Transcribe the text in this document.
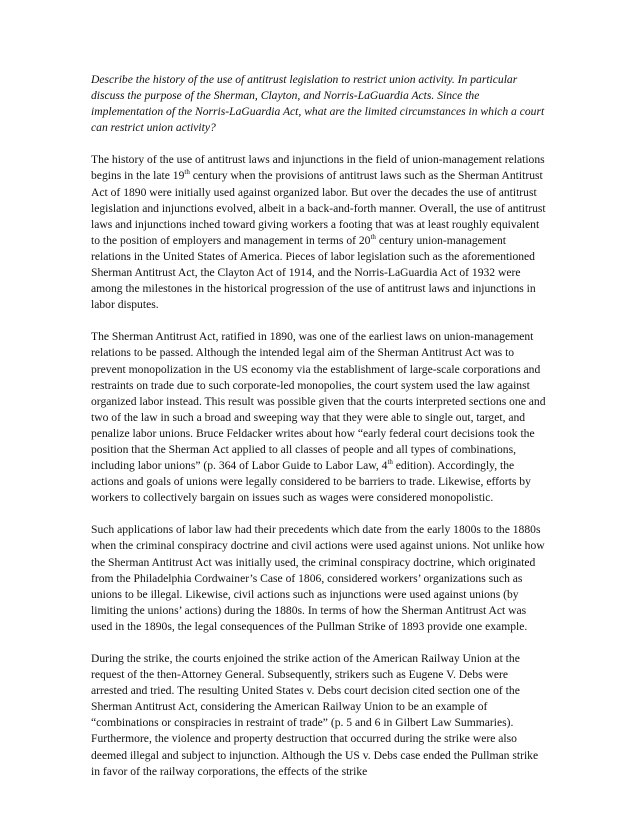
Describe the history of the use of antitrust legislation to restrict union activity. In particular discuss the purpose of the Sherman, Clayton, and Norris-LaGuardia Acts. Since the implementation of the Norris-LaGuardia Act, what are the limited circumstances in which a court can restrict union activity?

The history of the use of antitrust laws and injunctions in the field of union-management relations begins in the late 19th century when the provisions of antitrust laws such as the Sherman Antitrust Act of 1890 were initially used against organized labor. But over the decades the use of antitrust legislation and injunctions evolved, albeit in a back-and-forth manner. Overall, the use of antitrust laws and injunctions inched toward giving workers a footing that was at least roughly equivalent to the position of employers and management in terms of 20th century union-management relations in the United States of America. Pieces of labor legislation such as the aforementioned Sherman Antitrust Act, the Clayton Act of 1914, and the Norris-LaGuardia Act of 1932 were among the milestones in the historical progression of the use of antitrust laws and injunctions in labor disputes.

The Sherman Antitrust Act, ratified in 1890, was one of the earliest laws on union-management relations to be passed. Although the intended legal aim of the Sherman Antitrust Act was to prevent monopolization in the US economy via the establishment of large-scale corporations and restraints on trade due to such corporate-led monopolies, the court system used the law against organized labor instead. This result was possible given that the courts interpreted sections one and two of the law in such a broad and sweeping way that they were able to single out, target, and penalize labor unions. Bruce Feldacker writes about how “early federal court decisions took the position that the Sherman Act applied to all classes of people and all types of combinations, including labor unions” (p. 364 of Labor Guide to Labor Law, 4th edition). Accordingly, the actions and goals of unions were legally considered to be barriers to trade. Likewise, efforts by workers to collectively bargain on issues such as wages were considered monopolistic.

Such applications of labor law had their precedents which date from the early 1800s to the 1880s when the criminal conspiracy doctrine and civil actions were used against unions. Not unlike how the Sherman Antitrust Act was initially used, the criminal conspiracy doctrine, which originated from the Philadelphia Cordwainer’s Case of 1806, considered workers’ organizations such as unions to be illegal. Likewise, civil actions such as injunctions were used against unions (by limiting the unions’ actions) during the 1880s. In terms of how the Sherman Antitrust Act was used in the 1890s, the legal consequences of the Pullman Strike of 1893 provide one example.

During the strike, the courts enjoined the strike action of the American Railway Union at the request of the then-Attorney General. Subsequently, strikers such as Eugene V. Debs were arrested and tried. The resulting United States v. Debs court decision cited section one of the Sherman Antitrust Act, considering the American Railway Union to be an example of “combinations or conspiracies in restraint of trade” (p. 5 and 6 in Gilbert Law Summaries). Furthermore, the violence and property destruction that occurred during the strike were also deemed illegal and subject to injunction. Although the US v. Debs case ended the Pullman strike in favor of the railway corporations, the effects of the strike
